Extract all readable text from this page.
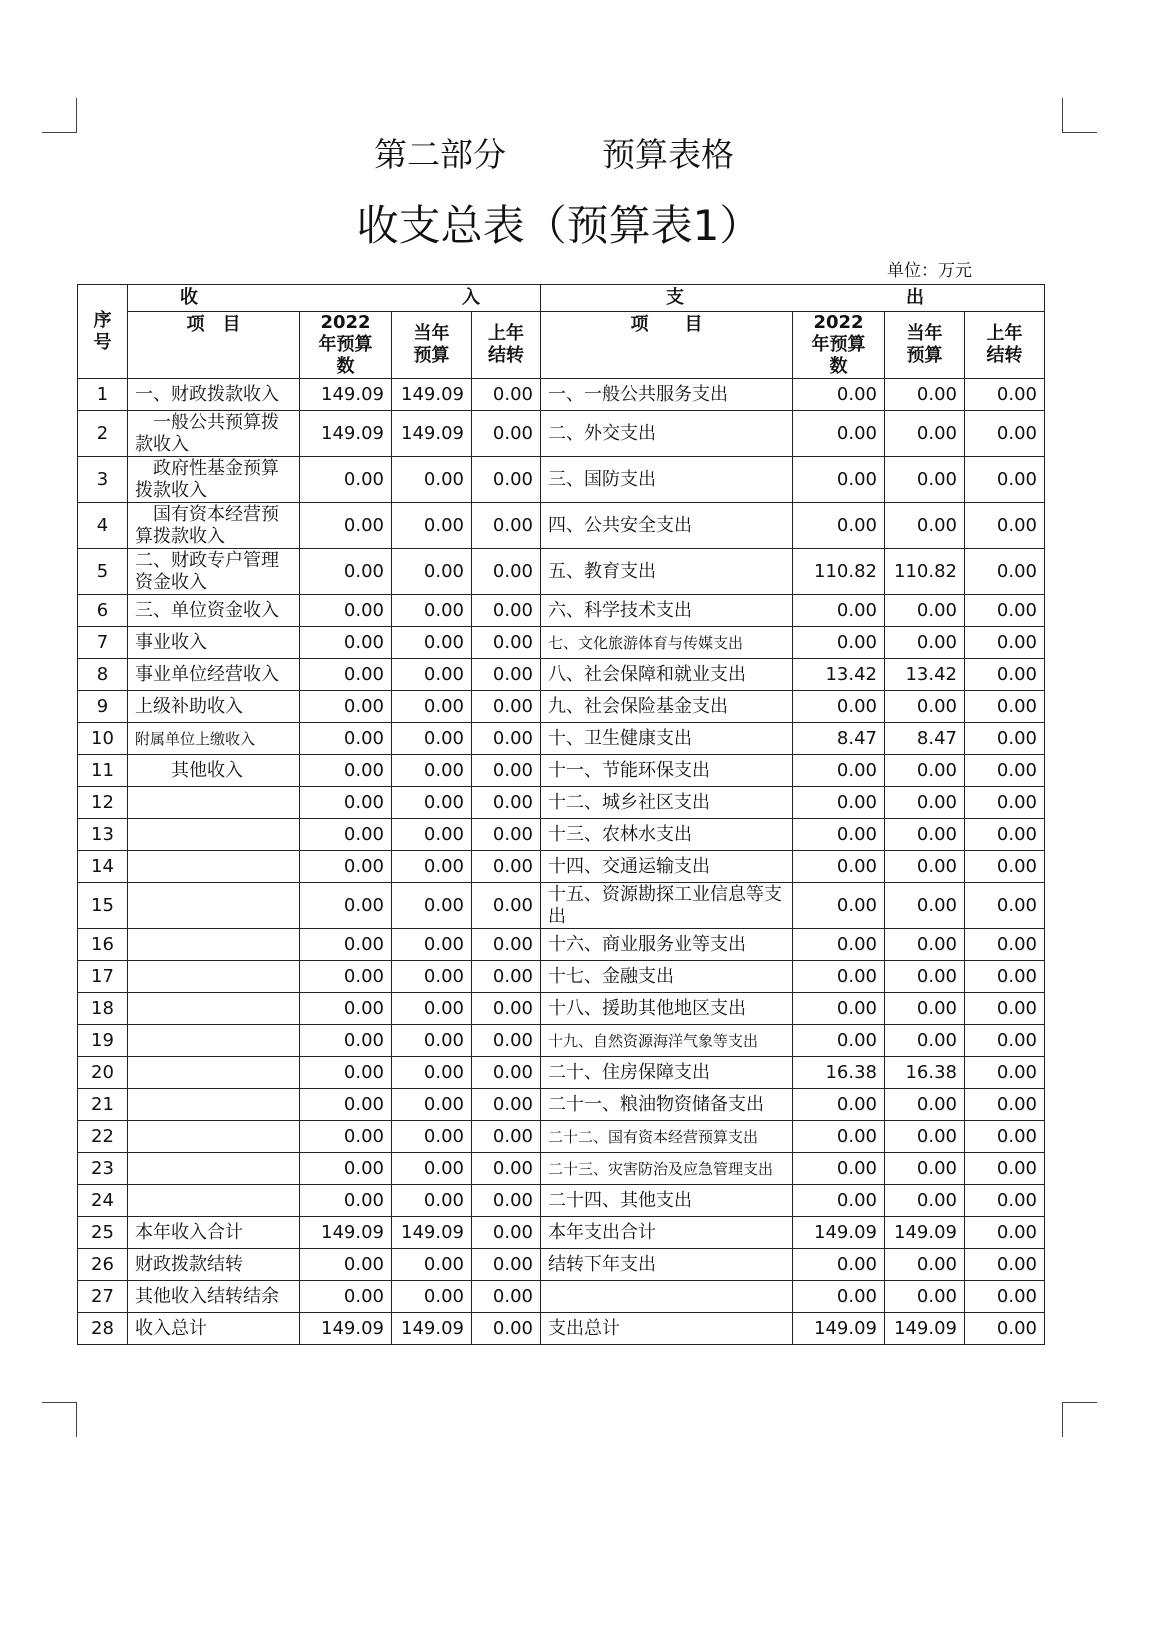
第二部分	预算表格
收支总表（预算表1）
单位：万元
序号	收 入				支 出			

	项　目	2022年预算数	当年预算	上年结转	项　　目	2022年预算数	当年预算	上年结转
1	一、财政拨款收入	149.09	149.09	0.00	一、一般公共服务支出	0.00	0.00	0.00
2	一般公共预算拨款收入	149.09	149.09	0.00	二、外交支出	0.00	0.00	0.00
3	政府性基金预算拨款收入	0.00	0.00	0.00	三、国防支出	0.00	0.00	0.00
4	国有资本经营预算拨款收入	0.00	0.00	0.00	四、公共安全支出	0.00	0.00	0.00
5	二、财政专户管理资金收入	0.00	0.00	0.00	五、教育支出	110.82	110.82	0.00
6	三、单位资金收入	0.00	0.00	0.00	六、科学技术支出	0.00	0.00	0.00
7	事业收入	0.00	0.00	0.00	七、文化旅游体育与传媒支出	0.00	0.00	0.00
8	事业单位经营收入	0.00	0.00	0.00	八、社会保障和就业支出	13.42	13.42	0.00
9	上级补助收入	0.00	0.00	0.00	九、社会保险基金支出	0.00	0.00	0.00
10	附属单位上缴收入	0.00	0.00	0.00	十、卫生健康支出	8.47	8.47	0.00
11	其他收入	0.00	0.00	0.00	十一、节能环保支出	0.00	0.00	0.00
12		0.00	0.00	0.00	十二、城乡社区支出	0.00	0.00	0.00
13		0.00	0.00	0.00	十三、农林水支出	0.00	0.00	0.00
14		0.00	0.00	0.00	十四、交通运输支出	0.00	0.00	0.00
15		0.00	0.00	0.00	十五、资源勘探工业信息等支出	0.00	0.00	0.00
16		0.00	0.00	0.00	十六、商业服务业等支出	0.00	0.00	0.00
17		0.00	0.00	0.00	十七、金融支出	0.00	0.00	0.00
18		0.00	0.00	0.00	十八、援助其他地区支出	0.00	0.00	0.00
19		0.00	0.00	0.00	十九、自然资源海洋气象等支出	0.00	0.00	0.00
20		0.00	0.00	0.00	二十、住房保障支出	16.38	16.38	0.00
21		0.00	0.00	0.00	二十一、粮油物资储备支出	0.00	0.00	0.00
22		0.00	0.00	0.00	二十二、国有资本经营预算支出	0.00	0.00	0.00
23		0.00	0.00	0.00	二十三、灾害防治及应急管理支出	0.00	0.00	0.00
24		0.00	0.00	0.00	二十四、其他支出	0.00	0.00	0.00
25	本年收入合计	149.09	149.09	0.00	本年支出合计	149.09	149.09	0.00
26	财政拨款结转	0.00	0.00	0.00	结转下年支出	0.00	0.00	0.00
27	其他收入结转结余	0.00	0.00	0.00		0.00	0.00	0.00
28	收入总计	149.09	149.09	0.00	支出总计	149.09	149.09	0.00
